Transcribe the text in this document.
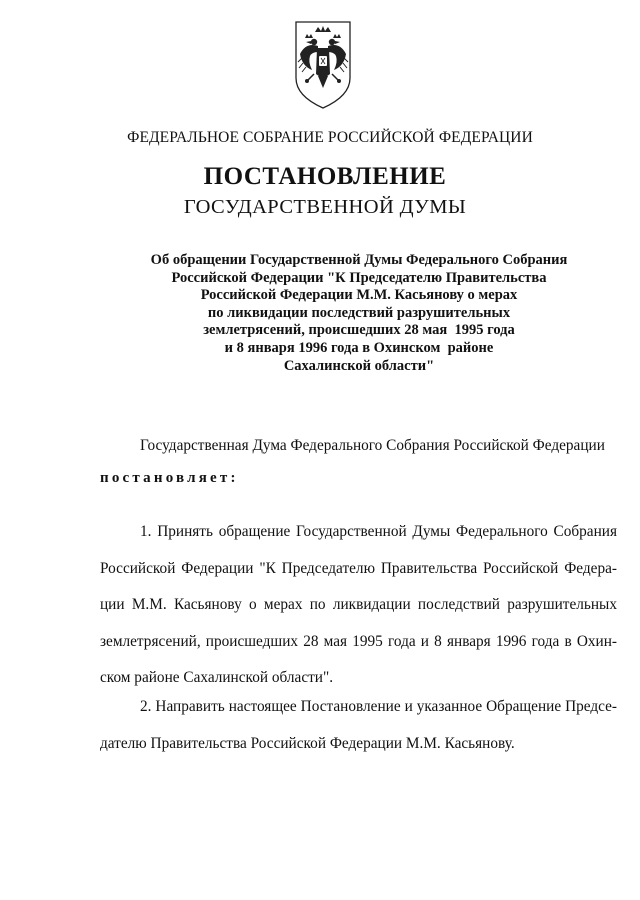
ФЕДЕРАЛЬНОЕ СОБРАНИЕ РОССИЙСКОЙ ФЕДЕРАЦИИ
ПОСТАНОВЛЕНИЕ
ГОСУДАРСТВЕННОЙ ДУМЫ
Об обращении Государственной Думы Федерального Собрания
Российской Федерации "К Председателю Правительства
Российской Федерации М.М. Касьянову о мерах
по ликвидации последствий разрушительных
землетрясений, происшедших 28 мая  1995 года
и 8 января 1996 года в Охинском  районе
Сахалинской области"
Государственная Дума Федерального Собрания Российской Федерации
постановляет:
1. Принять обращение Государственной Думы Федерального Собрания
Российской Федерации "К Председателю Правительства Российской Федера-
ции М.М. Касьянову о мерах по ликвидации последствий разрушительных
землетрясений, происшедших 28 мая 1995 года и 8 января 1996 года в Охин-
ском районе Сахалинской области".
2. Направить настоящее Постановление и указанное Обращение Предсе-
дателю Правительства Российской Федерации М.М. Касьянову.
